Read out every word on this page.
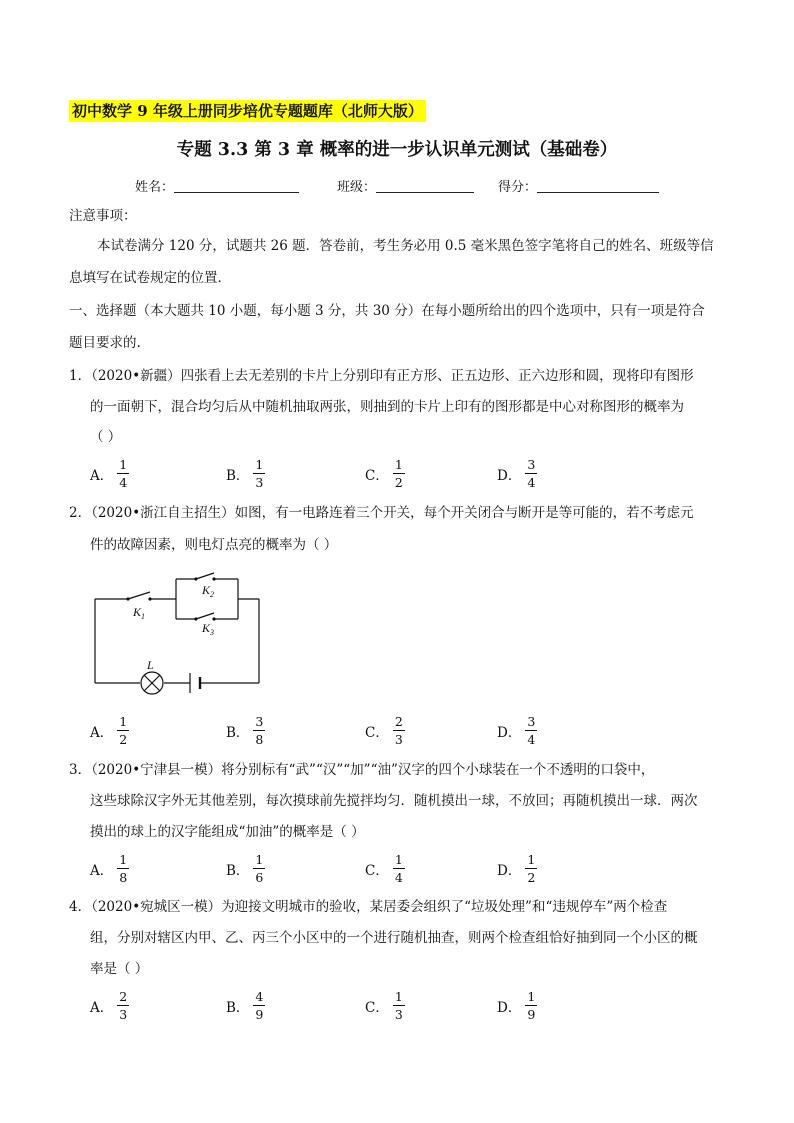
初中数学 9 年级上册同步培优专题题库（北师大版）
专题 3.3 第 3 章 概率的进一步认识单元测试（基础卷）
姓名：	班级：	得分：
注意事项：
本试卷满分 120 分，试题共 26 题．答卷前，考生务必用 0.5 毫米黑色签字笔将自己的姓名、班级等信
息填写在试卷规定的位置．
一、选择题（本大题共 10 小题，每小题 3 分，共 30 分）在每小题所给出的四个选项中，只有一项是符合
题目要求的.
1．（2020•新疆）四张看上去无差别的卡片上分别印有正方形、正五边形、正六边形和圆，现将印有图形
的一面朝下，混合均匀后从中随机抽取两张，则抽到的卡片上印有的图形都是中心对称图形的概率为
（ ）
A． $\frac{1}{4}$	B． $\frac{1}{3}$	C． $\frac{1}{2}$	D． $\frac{3}{4}$
2．（2020•浙江自主招生）如图，有一电路连着三个开关，每个开关闭合与断开是等可能的，若不考虑元
件的故障因素，则电灯点亮的概率为（ ）
$K_1$
$K_2$
$K_3$
L
A． $\frac{1}{2}$	B． $\frac{3}{8}$	C． $\frac{2}{3}$	D． $\frac{3}{4}$
3．（2020•宁津县一模）将分别标有“武”“汉”“加”“油”汉字的四个小球装在一个不透明的口袋中，
这些球除汉字外无其他差别，每次摸球前先搅拌均匀．随机摸出一球，不放回；再随机摸出一球．两次
摸出的球上的汉字能组成“加油”的概率是（ ）
A． $\frac{1}{8}$	B． $\frac{1}{6}$	C． $\frac{1}{4}$	D． $\frac{1}{2}$
4．（2020•宛城区一模）为迎接文明城市的验收，某居委会组织了“垃圾处理”和“违规停车”两个检查
组，分别对辖区内甲、乙、丙三个小区中的一个进行随机抽查，则两个检查组恰好抽到同一个小区的概
率是（ ）
A． $\frac{2}{3}$	B． $\frac{4}{9}$	C． $\frac{1}{3}$	D． $\frac{1}{9}$
